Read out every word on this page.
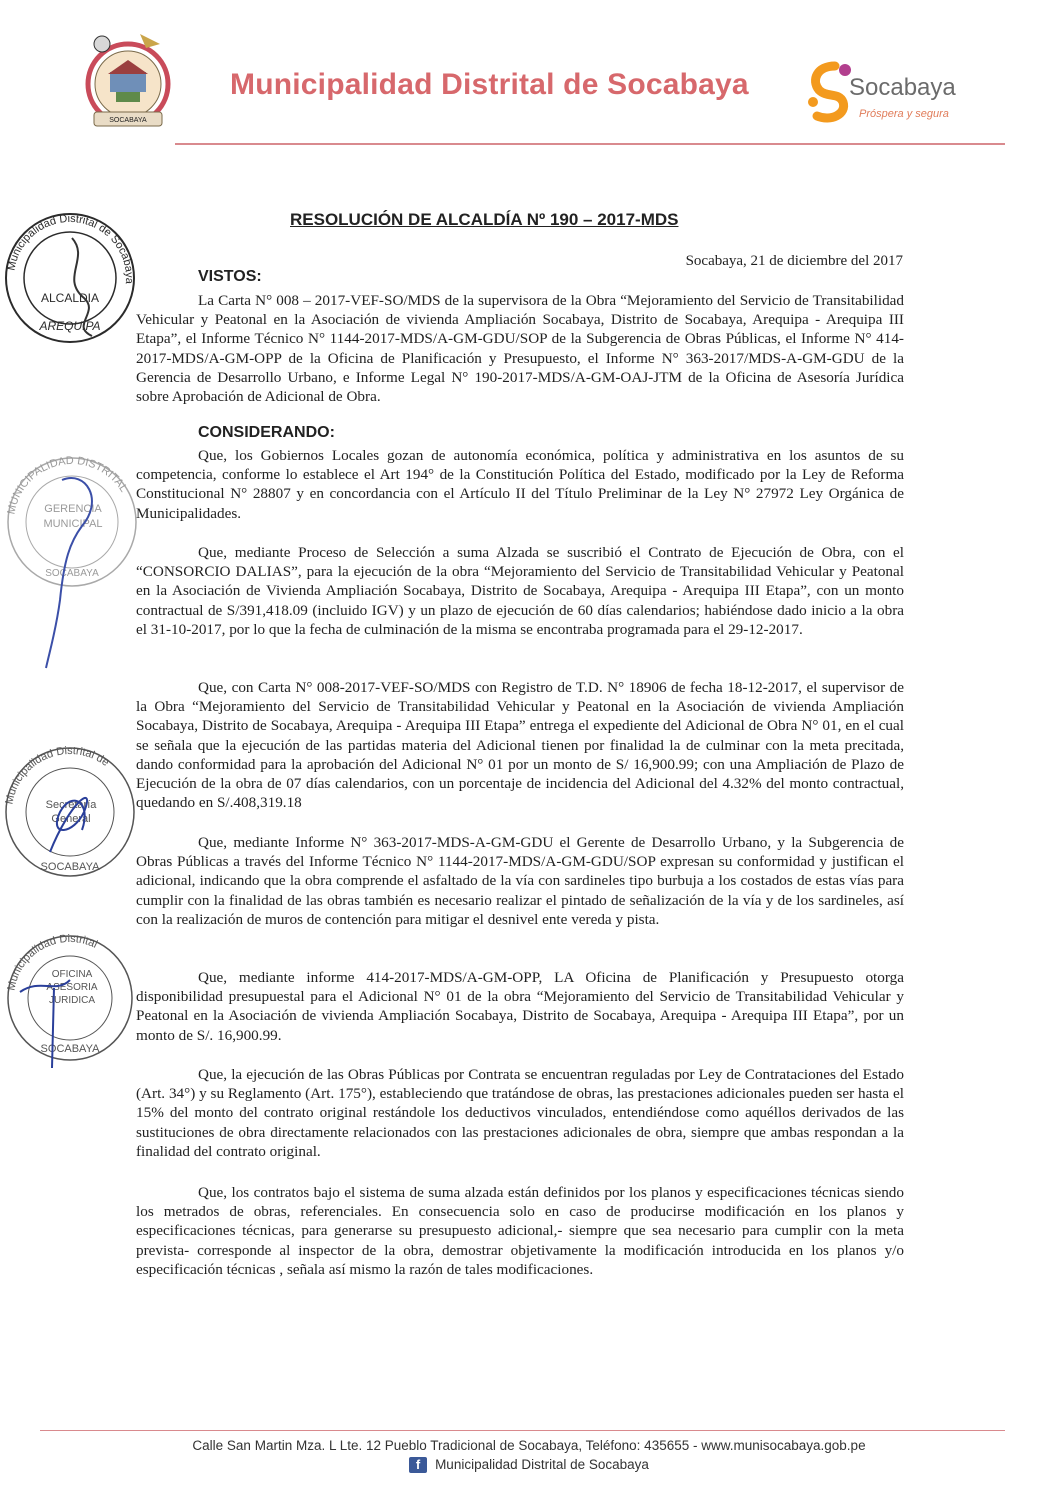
SOCABAYA
Municipalidad Distrital de Socabaya	Socabaya
Próspera y segura
Municipalidad Distrital de Socabaya
ALCALDIA
AREQUIPA
MUNICIPALIDAD DISTRITAL
GERENCIA MUNICIPAL
SOCABAYA
Municipalidad Distrital de
Secretaría General
SOCABAYA
Municipalidad Distrital
OFICINA ASESORIA JURIDICA
SOCABAYA
RESOLUCIÓN DE ALCALDÍA Nº 190 – 2017-MDS
Socabaya, 21 de diciembre del 2017
VISTOS:
La Carta N° 008 – 2017-VEF-SO/MDS de la supervisora de la Obra “Mejoramiento del Servicio de Transitabilidad Vehicular y Peatonal en la Asociación de vivienda Ampliación Socabaya, Distrito de Socabaya, Arequipa - Arequipa III Etapa”, el Informe Técnico N° 1144-2017-MDS/A-GM-GDU/SOP de la Subgerencia de Obras Públicas, el Informe N° 414-2017-MDS/A-GM-OPP de la Oficina de Planificación y Presupuesto, el Informe N° 363-2017/MDS-A-GM-GDU de la Gerencia de Desarrollo Urbano, e Informe Legal N° 190-2017-MDS/A-GM-OAJ-JTM de la Oficina de Asesoría Jurídica sobre Aprobación de Adicional de Obra.
CONSIDERANDO:
Que, los Gobiernos Locales gozan de autonomía económica, política y administrativa en los asuntos de su competencia, conforme lo establece el Art 194° de la Constitución Política del Estado, modificado por la Ley de Reforma Constitucional N° 28807 y en concordancia con el Artículo II del Título Preliminar de la Ley N° 27972 Ley Orgánica de Municipalidades.
Que, mediante Proceso de Selección a suma Alzada se suscribió el Contrato de Ejecución de Obra, con el “CONSORCIO DALIAS”, para la ejecución de la obra “Mejoramiento del Servicio de Transitabilidad Vehicular y Peatonal en la Asociación de Vivienda Ampliación Socabaya, Distrito de Socabaya, Arequipa - Arequipa III Etapa”, con un monto contractual de S/391,418.09 (incluido IGV) y un plazo de ejecución de 60 días calendarios; habiéndose dado inicio a la obra el 31-10-2017, por lo que la fecha de culminación de la misma se encontraba programada para el 29-12-2017.
Que, con Carta N° 008-2017-VEF-SO/MDS con Registro de T.D. N° 18906 de fecha 18-12-2017, el supervisor de la Obra “Mejoramiento del Servicio de Transitabilidad Vehicular y Peatonal en la Asociación de vivienda Ampliación Socabaya, Distrito de Socabaya, Arequipa - Arequipa III Etapa” entrega el expediente del Adicional de Obra N° 01, en el cual se señala que la ejecución de las partidas materia del Adicional tienen por finalidad la de culminar con la meta precitada, dando conformidad para la aprobación del Adicional N° 01 por un monto de S/ 16,900.99; con una Ampliación de Plazo de Ejecución de la obra de 07 días calendarios, con un porcentaje de incidencia del Adicional del 4.32% del monto contractual, quedando en S/.408,319.18
Que, mediante Informe N° 363-2017-MDS-A-GM-GDU el Gerente de Desarrollo Urbano, y la Subgerencia de Obras Públicas a través del Informe Técnico N° 1144-2017-MDS/A-GM-GDU/SOP expresan su conformidad y justifican el adicional, indicando que la obra comprende el asfaltado de la vía con sardineles tipo burbuja a los costados de estas vías para cumplir con la finalidad de las obras también es necesario realizar el pintado de señalización de la vía y de los sardineles, así con la realización de muros de contención para mitigar el desnivel ente vereda y pista.
Que, mediante informe 414-2017-MDS/A-GM-OPP, LA Oficina de Planificación y Presupuesto otorga disponibilidad presupuestal para el Adicional N° 01 de la obra “Mejoramiento del Servicio de Transitabilidad Vehicular y Peatonal en la Asociación de vivienda Ampliación Socabaya, Distrito de Socabaya, Arequipa - Arequipa III Etapa”, por un monto de S/. 16,900.99.
Que, la ejecución de las Obras Públicas por Contrata se encuentran reguladas por Ley de Contrataciones del Estado (Art. 34°) y su Reglamento (Art. 175°), estableciendo que tratándose de obras, las prestaciones adicionales pueden ser hasta el 15% del monto del contrato original restándole los deductivos vinculados, entendiéndose como aquéllos derivados de las sustituciones de obra directamente relacionados con las prestaciones adicionales de obra, siempre que ambas respondan a la finalidad del contrato original.
Que, los contratos bajo el sistema de suma alzada están definidos por los planos y especificaciones técnicas siendo los metrados de obras, referenciales. En consecuencia solo en caso de producirse modificación en los planos y especificaciones técnicas, para generarse su presupuesto adicional,- siempre que sea necesario para cumplir con la meta prevista- corresponde al inspector de la obra, demostrar objetivamente la modificación introducida en los planos y/o especificación técnicas , señala así mismo la razón de tales modificaciones.
Calle San Martin Mza. L Lte. 12 Pueblo Tradicional de Socabaya, Teléfono: 435655 - www.munisocabaya.gob.pe
f Municipalidad Distrital de Socabaya
